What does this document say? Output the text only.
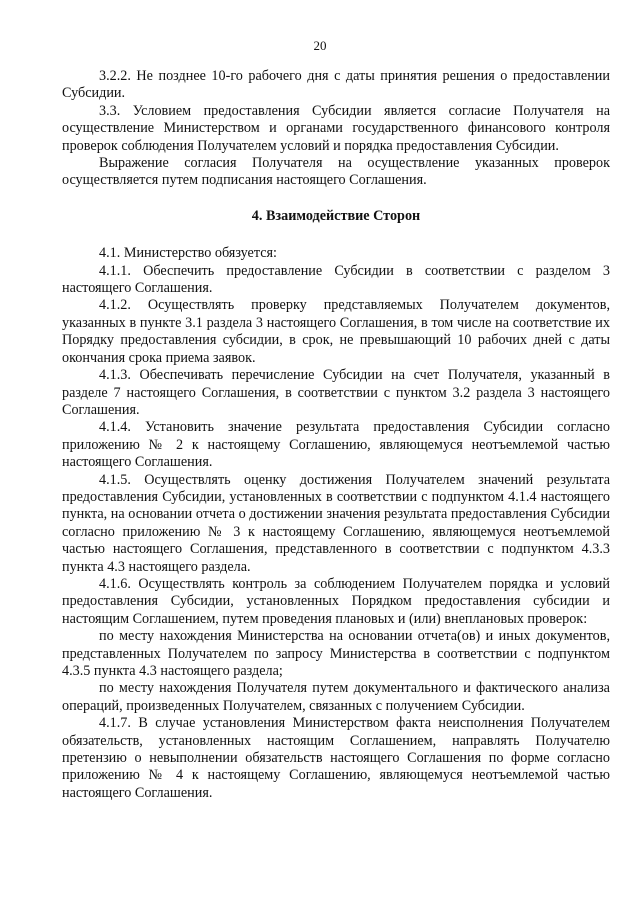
20

3.2.2. Не позднее 10-го рабочего дня с даты принятия решения о предоставлении Субсидии.

3.3. Условием предоставления Субсидии является согласие Получателя на осуществление Министерством и органами государственного финансового контроля проверок соблюдения Получателем условий и порядка предоставления Субсидии.

Выражение согласия Получателя на осуществление указанных проверок осуществляется путем подписания настоящего Соглашения.

4. Взаимодействие Сторон

4.1. Министерство обязуется:

4.1.1. Обеспечить предоставление Субсидии в соответствии с разделом 3 настоящего Соглашения.

4.1.2. Осуществлять проверку представляемых Получателем документов, указанных в пункте 3.1 раздела 3 настоящего Соглашения, в том числе на соответствие их Порядку предоставления субсидии, в срок, не превышающий 10 рабочих дней с даты окончания срока приема заявок.

4.1.3. Обеспечивать перечисление Субсидии на счет Получателя, указанный в разделе 7 настоящего Соглашения, в соответствии с пунктом 3.2 раздела 3 настоящего Соглашения.

4.1.4. Установить значение результата предоставления Субсидии согласно приложению № 2 к настоящему Соглашению, являющемуся неотъемлемой частью настоящего Соглашения.

4.1.5. Осуществлять оценку достижения Получателем значений результата предоставления Субсидии, установленных в соответствии с подпунктом 4.1.4 настоящего пункта, на основании отчета о достижении значения результата предоставления Субсидии согласно приложению № 3 к настоящему Соглашению, являющемуся неотъемлемой частью настоящего Соглашения, представленного в соответствии с подпунктом 4.3.3 пункта 4.3 настоящего раздела.

4.1.6. Осуществлять контроль за соблюдением Получателем порядка и условий предоставления Субсидии, установленных Порядком предоставления субсидии и настоящим Соглашением, путем проведения плановых и (или) внеплановых проверок:

по месту нахождения Министерства на основании отчета(ов) и иных документов, представленных Получателем по запросу Министерства в соответствии с подпунктом 4.3.5 пункта 4.3 настоящего раздела;

по месту нахождения Получателя путем документального и фактического анализа операций, произведенных Получателем, связанных с получением Субсидии.

4.1.7. В случае установления Министерством факта неисполнения Получателем обязательств, установленных настоящим Соглашением, направлять Получателю претензию о невыполнении обязательств настоящего Соглашения по форме согласно приложению № 4 к настоящему Соглашению, являющемуся неотъемлемой частью настоящего Соглашения.
